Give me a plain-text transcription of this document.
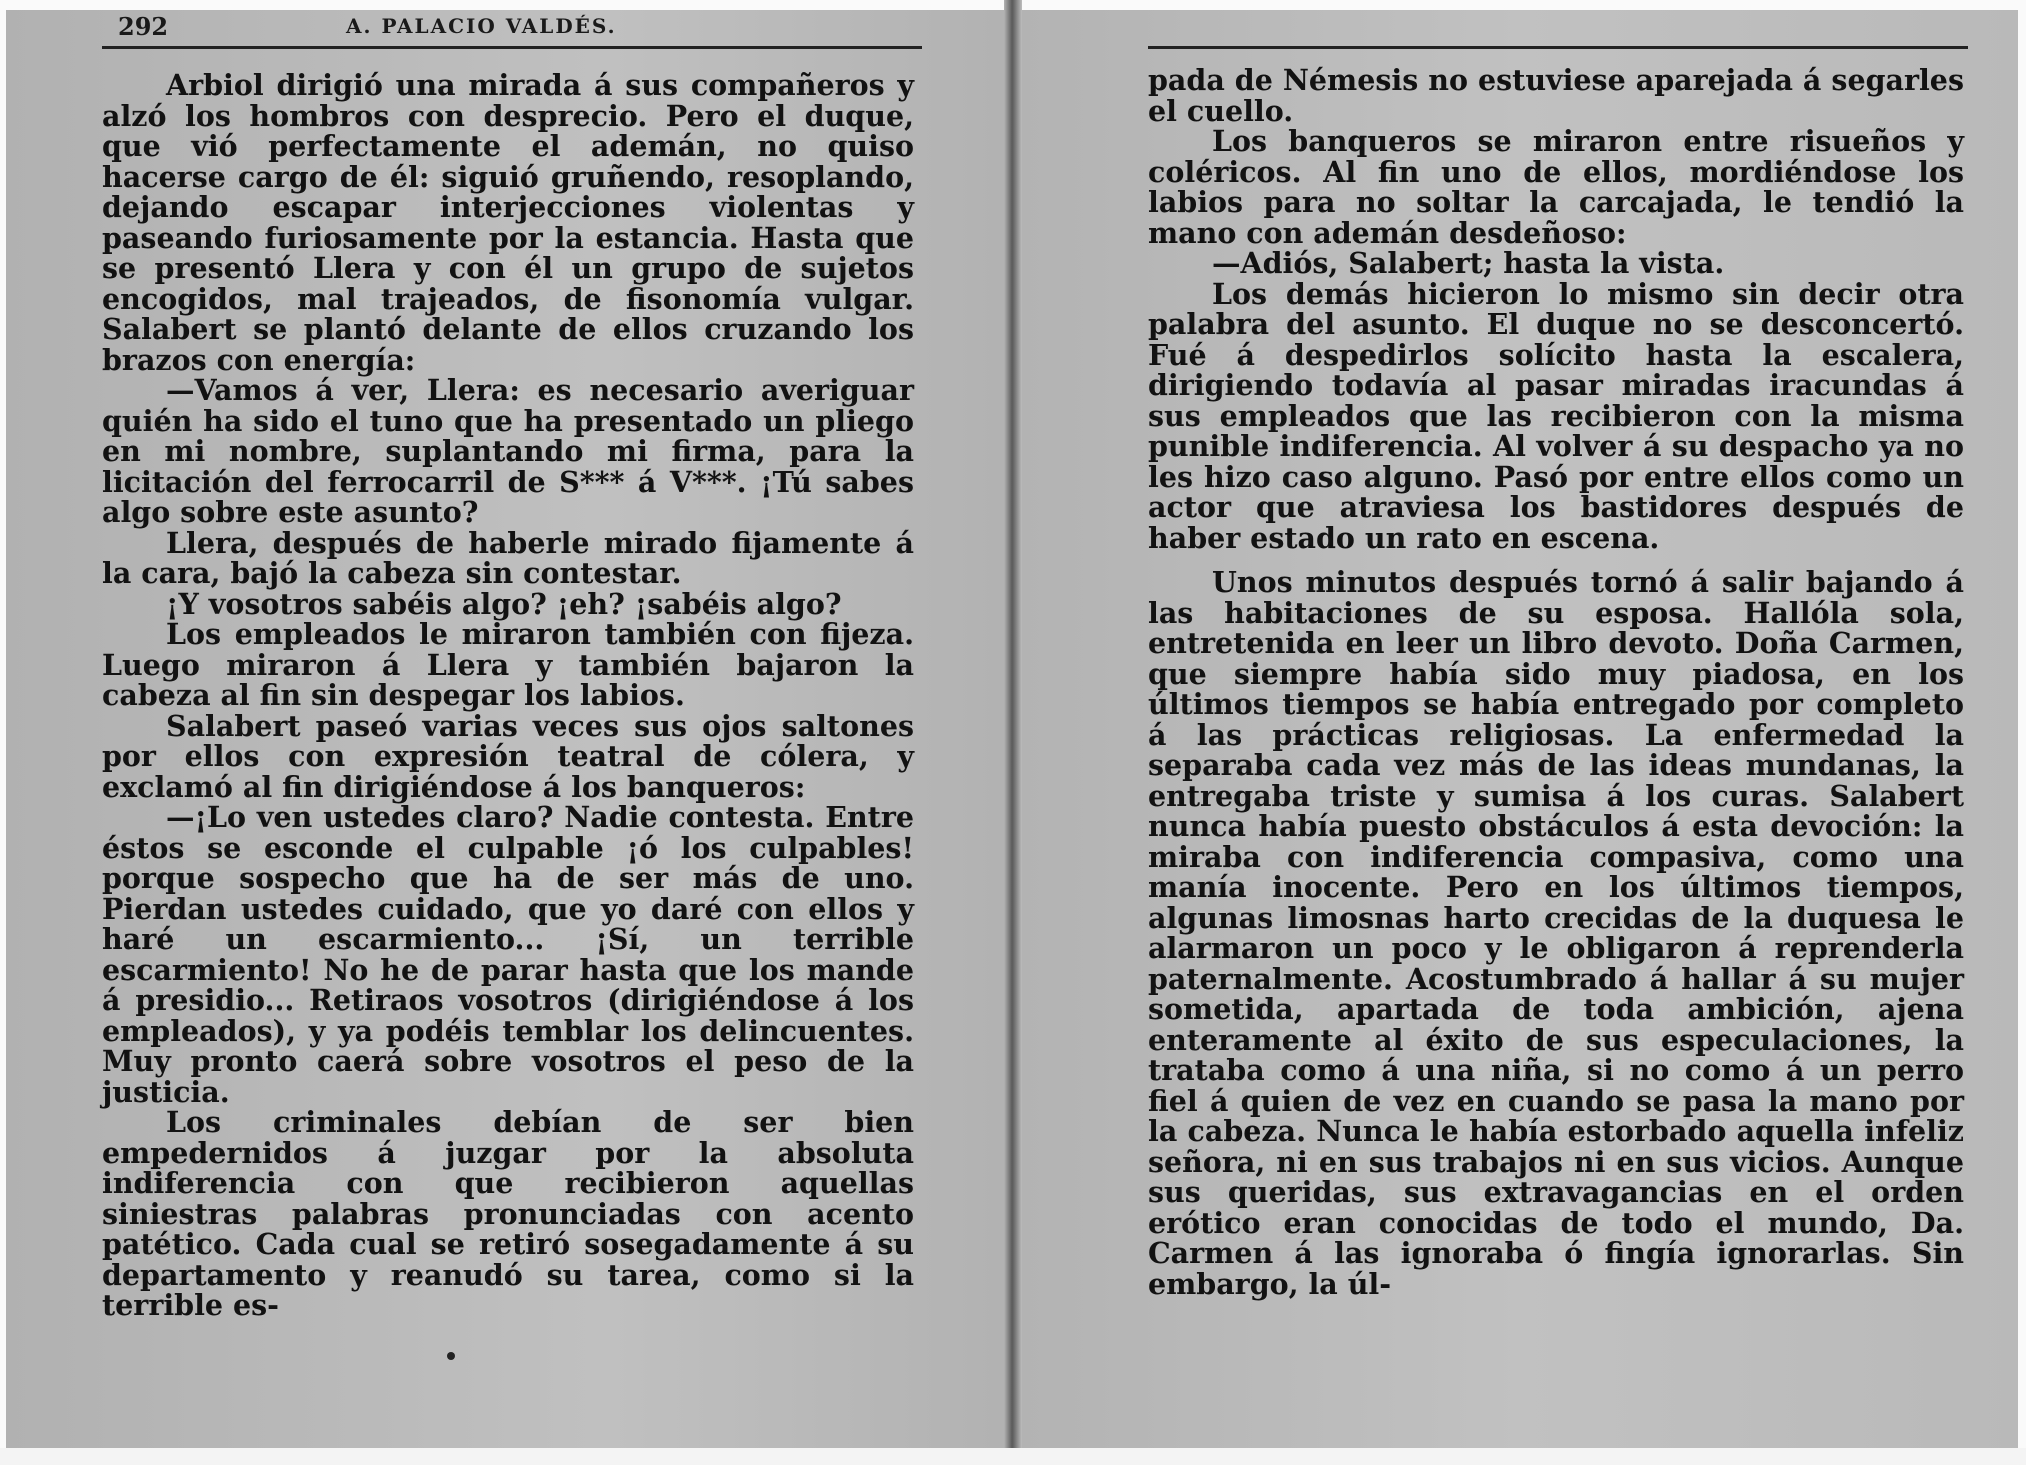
292	A. PALACIO VALDÉS.

Arbiol dirigió una mirada á sus compañeros y alzó los hombros con desprecio. Pero el duque, que vió perfectamente el ademán, no quiso hacerse cargo de él: siguió gruñendo, resoplando, dejando escapar interjecciones violentas y paseando furiosamente por la estancia. Hasta que se presentó Llera y con él un grupo de sujetos encogidos, mal trajeados, de fisonomía vulgar. Salabert se plantó delante de ellos cruzando los brazos con energía:

—Vamos á ver, Llera: es necesario averiguar quién ha sido el tuno que ha presentado un pliego en mi nombre, suplantando mi firma, para la licitación del ferrocarril de S*** á V***. ¡Tú sabes algo sobre este asunto?

Llera, después de haberle mirado fijamente á la cara, bajó la cabeza sin contestar.

¡Y vosotros sabéis algo? ¡eh? ¡sabéis algo?

Los empleados le miraron también con fijeza. Luego miraron á Llera y también bajaron la cabeza al fin sin despegar los labios.

Salabert paseó varias veces sus ojos saltones por ellos con expresión teatral de cólera, y exclamó al fin dirigiéndose á los banqueros:

—¡Lo ven ustedes claro? Nadie contesta. Entre éstos se esconde el culpable ¡ó los culpables! porque sospecho que ha de ser más de uno. Pierdan ustedes cuidado, que yo daré con ellos y haré un escarmiento... ¡Sí, un terrible escarmiento! No he de parar hasta que los mande á presidio... Retiraos vosotros (dirigiéndose á los empleados), y ya podéis temblar los delincuentes. Muy pronto caerá sobre vosotros el peso de la justicia.

Los criminales debían de ser bien empedernidos á juzgar por la absoluta indiferencia con que recibieron aquellas siniestras palabras pronunciadas con acento patético. Cada cual se retiró sosegadamente á su departamento y reanudó su tarea, como si la terrible es-

pada de Némesis no estuviese aparejada á segarles el cuello.

Los banqueros se miraron entre risueños y coléricos. Al fin uno de ellos, mordiéndose los labios para no soltar la carcajada, le tendió la mano con ademán desdeñoso:

—Adiós, Salabert; hasta la vista.

Los demás hicieron lo mismo sin decir otra palabra del asunto. El duque no se desconcertó. Fué á despedirlos solícito hasta la escalera, dirigiendo todavía al pasar miradas iracundas á sus empleados que las recibieron con la misma punible indiferencia. Al volver á su despacho ya no les hizo caso alguno. Pasó por entre ellos como un actor que atraviesa los bastidores después de haber estado un rato en escena.

Unos minutos después tornó á salir bajando á las habitaciones de su esposa. Hallóla sola, entretenida en leer un libro devoto. Doña Carmen, que siempre había sido muy piadosa, en los últimos tiempos se había entregado por completo á las prácticas religiosas. La enfermedad la separaba cada vez más de las ideas mundanas, la entregaba triste y sumisa á los curas. Salabert nunca había puesto obstáculos á esta devoción: la miraba con indiferencia compasiva, como una manía inocente. Pero en los últimos tiempos, algunas limosnas harto crecidas de la duquesa le alarmaron un poco y le obligaron á reprenderla paternalmente. Acostumbrado á hallar á su mujer sometida, apartada de toda ambición, ajena enteramente al éxito de sus especulaciones, la trataba como á una niña, si no como á un perro fiel á quien de vez en cuando se pasa la mano por la cabeza. Nunca le había estorbado aquella infeliz señora, ni en sus trabajos ni en sus vicios. Aunque sus queridas, sus extravagancias en el orden erótico eran conocidas de todo el mundo, Da. Carmen á las ignoraba ó fingía ignorarlas. Sin embargo, la úl-
